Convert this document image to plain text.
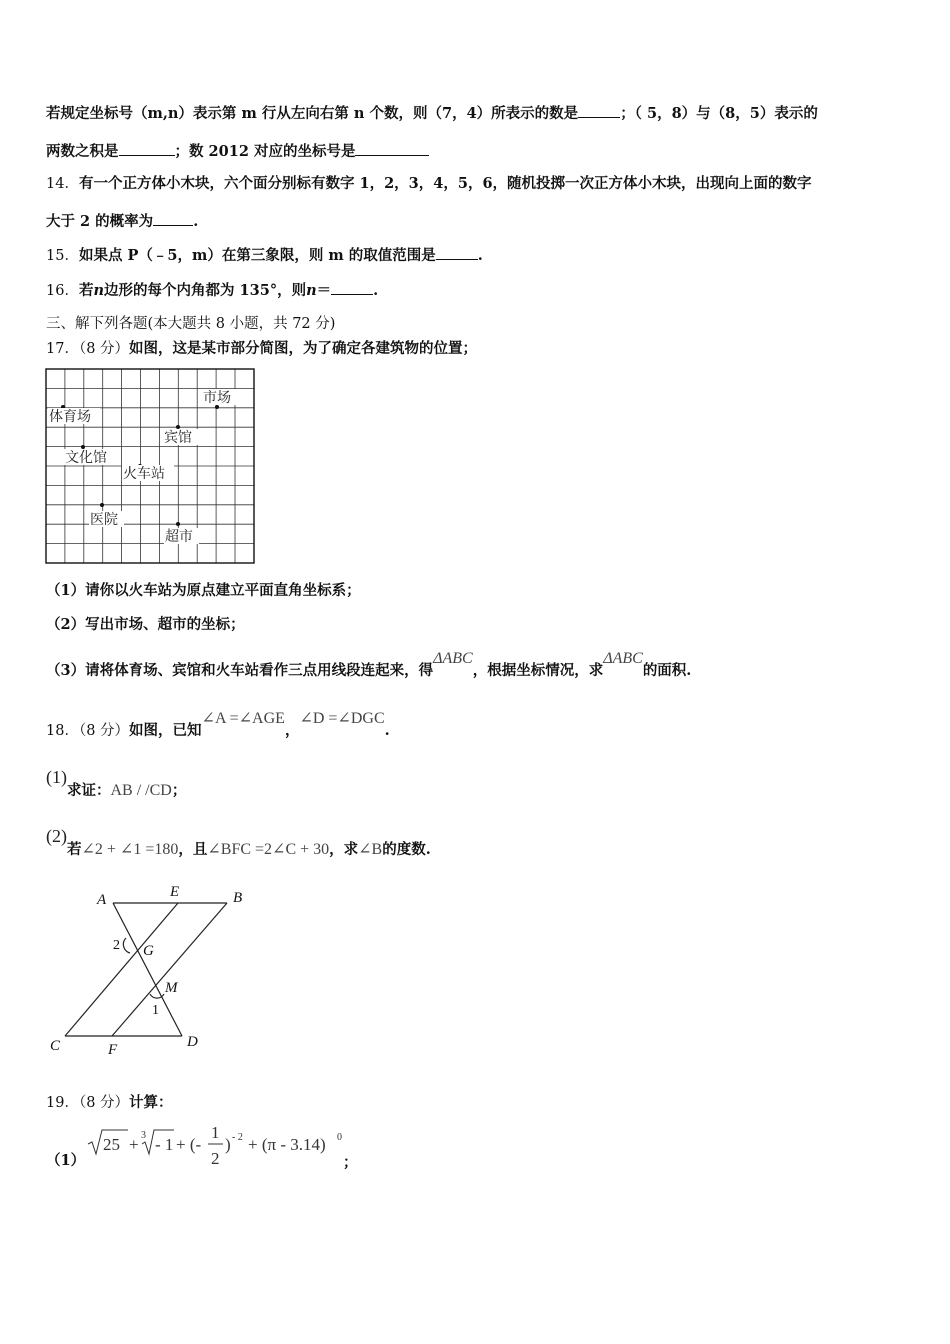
若规定坐标号（m,n）表示第 m 行从左向右第 n 个数，则（7，4）所表示的数是	；（ 5，8）与（8，5）表示的
两数之积是	；数 2012 对应的坐标号是
14．有一个正方体小木块，六个面分别标有数字 1，2，3，4，5，6，随机投掷一次正方体小木块，出现向上面的数字
大于 2 的概率为	.
15．如果点 P（﹣5，m）在第三象限，则 m 的取值范围是	.
16．若n边形的每个内角都为 135°，则n＝	.
三、解下列各题(本大题共 8 小题，共 72 分)
17．（8 分）如图，这是某市部分简图，为了确定各建筑物的位置；
市场
体育场
宾馆
文化馆
火车站
医院
超市
（1）请你以火车站为原点建立平面直角坐标系；
（2）写出市场、超市的坐标；
（3）请将体育场、宾馆和火车站看作三点用线段连起来，得ΔABC，根据坐标情况，求ΔABC的面积.
18．（8 分）如图，已知∠A =∠AGE，∠D =∠DGC.
(1)求证：AB / /CD；
(2)若∠2 + ∠1 =180，且∠BFC =2∠C + 30，求∠B的度数.
A	E	B
G
M
C	F	D
2
1
19．（8 分）计算：
（1）
25 + 3 - 1 + (-
1
2
) - 2 + (π - 3.14) 0
；
